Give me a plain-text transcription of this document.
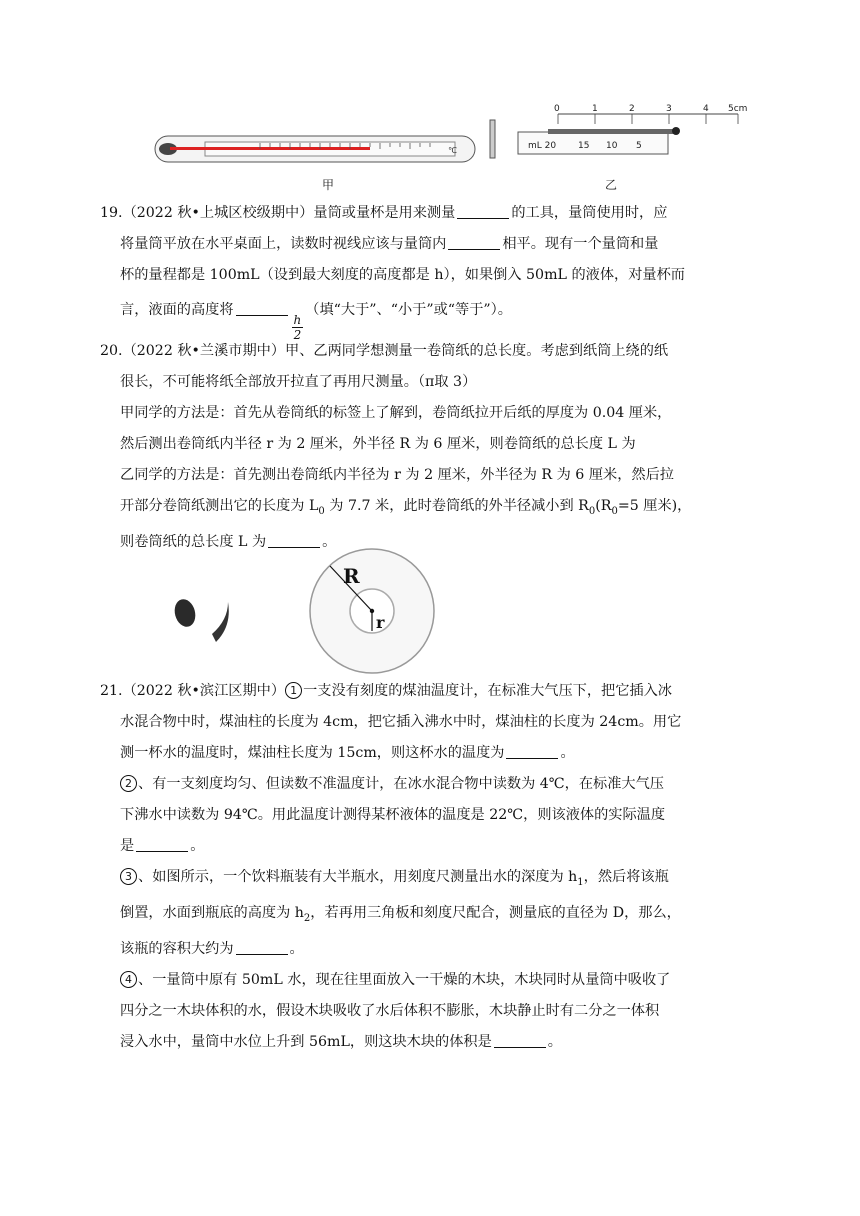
℃
甲
0	1	2	3	4 5cm
mL 20 15 10 5
乙
19.（2022 秋•上城区校级期中）量筒或量杯是用来测量	的工具，量筒使用时，应
将量筒平放在水平桌面上，读数时视线应该与量筒内	相平。现有一个量筒和量
杯的量程都是 100mL（设到最大刻度的高度都是 h），如果倒入 50mL 的液体，对量杯而
言，液面的高度将
$\frac{h}{2}$
（填“大于”、“小于”或“等于”）。
20.（2022 秋•兰溪市期中）甲、乙两同学想测量一卷筒纸的总长度。考虑到纸筒上绕的纸
很长，不可能将纸全部放开拉直了再用尺测量。（π取 3）
甲同学的方法是：首先从卷筒纸的标签上了解到，卷筒纸拉开后纸的厚度为 0.04 厘米，
然后测出卷筒纸内半径 r 为 2 厘米，外半径 R 为 6 厘米，则卷筒纸的总长度 L 为
乙同学的方法是：首先测出卷筒纸内半径为 r 为 2 厘米，外半径为 R 为 6 厘米，然后拉
开部分卷筒纸测出它的长度为 $L_0$ 为 7.7 米，此时卷筒纸的外半径减小到 $R_0(R_0=5$ 厘米)，
则卷筒纸的总长度 L 为	。
R
r
21.（2022 秋•滨江区期中） 1 一支没有刻度的煤油温度计，在标准大气压下，把它插入冰
水混合物中时，煤油柱的长度为 4cm，把它插入沸水中时，煤油柱的长度为 24cm。用它
测一杯水的温度时，煤油柱长度为 15cm，则这杯水的温度为	。
2 、有一支刻度均匀、但读数不准温度计，在冰水混合物中读数为 4℃，在标准大气压
下沸水中读数为 94℃。用此温度计测得某杯液体的温度是 22℃，则该液体的实际温度
是	。
3 、如图所示，一个饮料瓶装有大半瓶水，用刻度尺测量出水的深度为 $h_1$，然后将该瓶
倒置，水面到瓶底的高度为 $h_2$，若再用三角板和刻度尺配合，测量底的直径为 D，那么，
该瓶的容积大约为	。
4 、一量筒中原有 50mL 水，现在往里面放入一干燥的木块，木块同时从量筒中吸收了
四分之一木块体积的水，假设木块吸收了水后体积不膨胀，木块静止时有二分之一体积
浸入水中，量筒中水位上升到 56mL，则这块木块的体积是	。
